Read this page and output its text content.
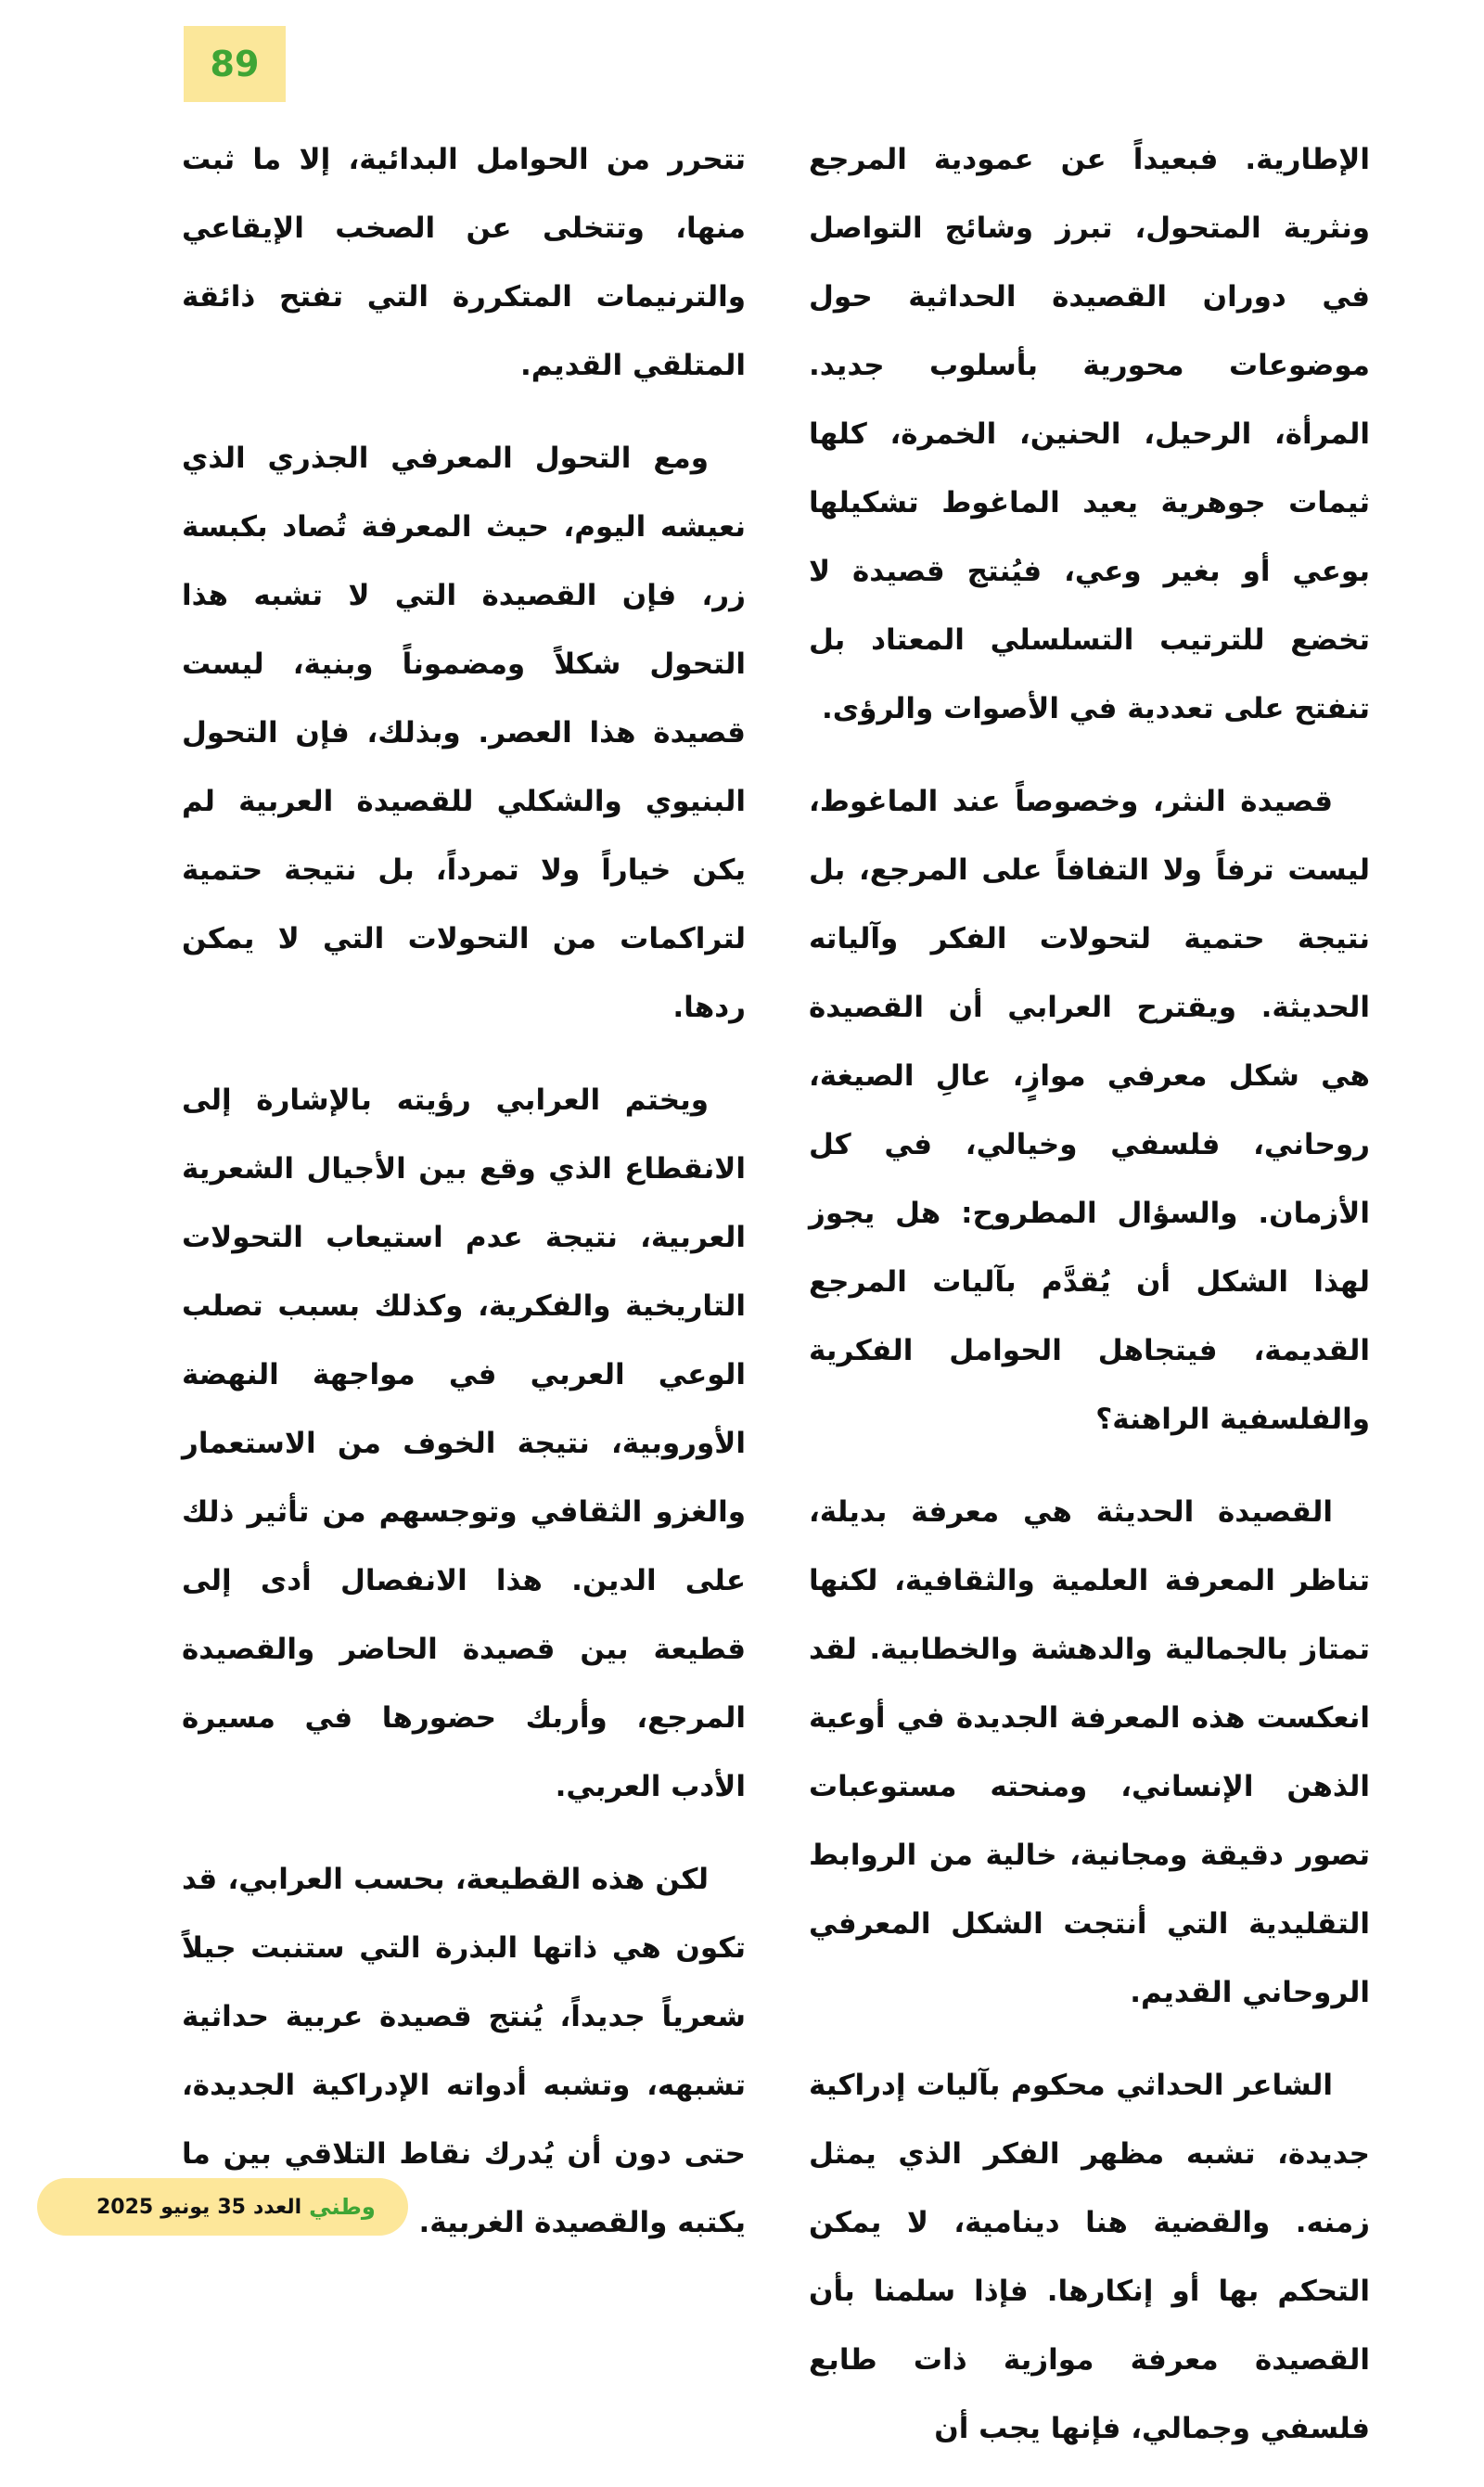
89

الإطارية. فبعيداً عن عمودية المرجع ونثرية المتحول، تبرز وشائج التواصل في دوران القصيدة الحداثية حول موضوعات محورية بأسلوب جديد. المرأة، الرحيل، الحنين، الخمرة، كلها ثيمات جوهرية يعيد الماغوط تشكيلها بوعي أو بغير وعي، فيُنتج قصيدة لا تخضع للترتيب التسلسلي المعتاد بل تنفتح على تعددية في الأصوات والرؤى.

قصيدة النثر، وخصوصاً عند الماغوط، ليست ترفاً ولا التفافاً على المرجع، بل نتيجة حتمية لتحولات الفكر وآلياته الحديثة. ويقترح العرابي أن القصيدة هي شكل معرفي موازٍ، عالِ الصيغة، روحاني، فلسفي وخيالي، في كل الأزمان. والسؤال المطروح: هل يجوز لهذا الشكل أن يُقدَّم بآليات المرجع القديمة، فيتجاهل الحوامل الفكرية والفلسفية الراهنة؟

القصيدة الحديثة هي معرفة بديلة، تناظر المعرفة العلمية والثقافية، لكنها تمتاز بالجمالية والدهشة والخطابية. لقد انعكست هذه المعرفة الجديدة في أوعية الذهن الإنساني، ومنحته مستوعبات تصور دقيقة ومجانية، خالية من الروابط التقليدية التي أنتجت الشكل المعرفي الروحاني القديم.

الشاعر الحداثي محكوم بآليات إدراكية جديدة، تشبه مظهر الفكر الذي يمثل زمنه. والقضية هنا دينامية، لا يمكن التحكم بها أو إنكارها. فإذا سلمنا بأن القصيدة معرفة موازية ذات طابع فلسفي وجمالي، فإنها يجب أن

تتحرر من الحوامل البدائية، إلا ما ثبت منها، وتتخلى عن الصخب الإيقاعي والترنيمات المتكررة التي تفتح ذائقة المتلقي القديم.

ومع التحول المعرفي الجذري الذي نعيشه اليوم، حيث المعرفة تُصاد بكبسة زر، فإن القصيدة التي لا تشبه هذا التحول شكلاً ومضموناً وبنية، ليست قصيدة هذا العصر. وبذلك، فإن التحول البنيوي والشكلي للقصيدة العربية لم يكن خياراً ولا تمرداً، بل نتيجة حتمية لتراكمات من التحولات التي لا يمكن ردها.

ويختم العرابي رؤيته بالإشارة إلى الانقطاع الذي وقع بين الأجيال الشعرية العربية، نتيجة عدم استيعاب التحولات التاريخية والفكرية، وكذلك بسبب تصلب الوعي العربي في مواجهة النهضة الأوروبية، نتيجة الخوف من الاستعمار والغزو الثقافي وتوجسهم من تأثير ذلك على الدين. هذا الانفصال أدى إلى قطيعة بين قصيدة الحاضر والقصيدة المرجع، وأربك حضورها في مسيرة الأدب العربي.

لكن هذه القطيعة، بحسب العرابي، قد تكون هي ذاتها البذرة التي ستنبت جيلاً شعرياً جديداً، يُنتج قصيدة عربية حداثية تشبهه، وتشبه أدواته الإدراكية الجديدة، حتى دون أن يُدرك نقاط التلاقي بين ما يكتبه والقصيدة الغربية.

2025 يونيو 35 العدد وطني
